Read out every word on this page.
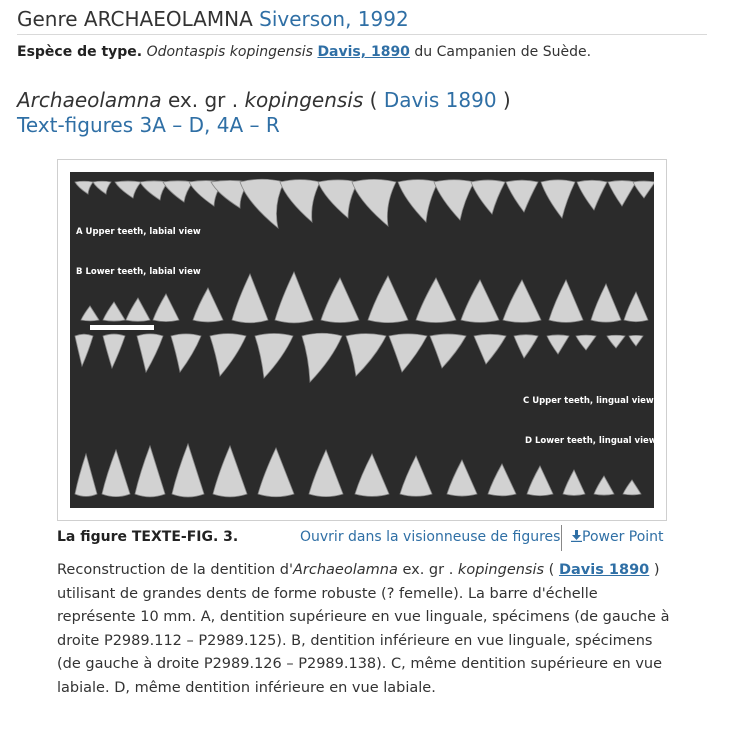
Genre ARCHAEOLAMNA Siverson, 1992
Espèce de type. Odontaspis kopingensis Davis, 1890 du Campanien de Suède.
Archaeolamna ex. gr . kopingensis ( Davis 1890 )
Text-figures 3A – D, 4A – R
A Upper teeth, labial view
B Lower teeth, labial view
C Upper teeth, lingual view
D Lower teeth, lingual view
La figure TEXTE-FIG. 3.	Ouvrir dans la visionneuse de figures	Power Point
Reconstruction de la dentition d'Archaeolamna ex. gr . kopingensis ( Davis 1890 ) utilisant de grandes dents de forme robuste (? femelle). La barre d'échelle représente 10 mm. A, dentition supérieure en vue linguale, spécimens (de gauche à droite P2989.112 – P2989.125). B, dentition inférieure en vue linguale, spécimens (de gauche à droite P2989.126 – P2989.138). C, même dentition supérieure en vue labiale. D, même dentition inférieure en vue labiale.
